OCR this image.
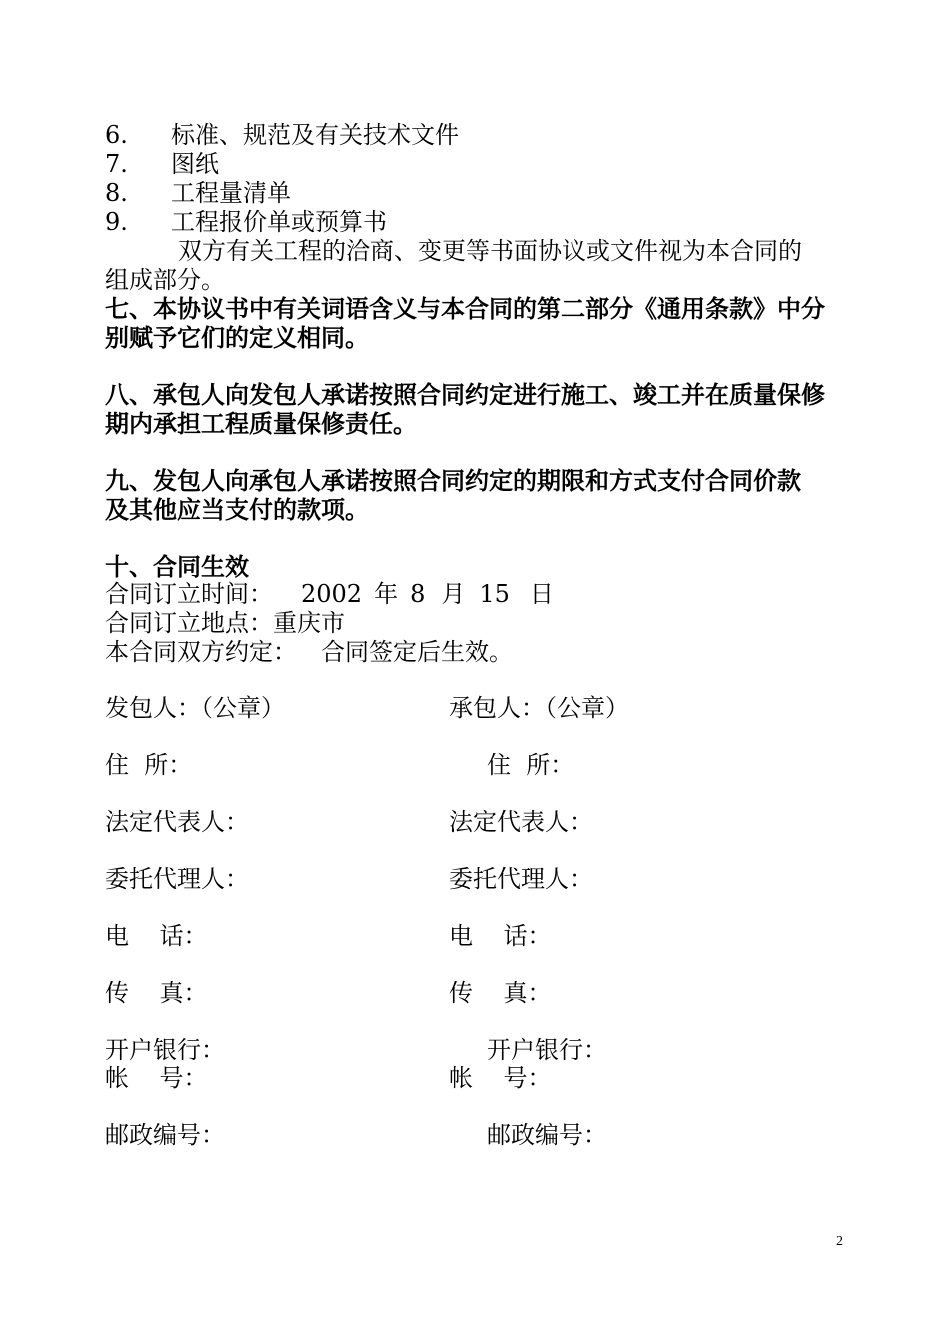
6. 标准、规范及有关技术文件
7. 图纸
8. 工程量清单
9. 工程报价单或预算书
双方有关工程的洽商、变更等书面协议或文件视为本合同的
组成部分。
七、本协议书中有关词语含义与本合同的第二部分《通用条款》中分
别赋予它们的定义相同。
八、承包人向发包人承诺按照合同约定进行施工、竣工并在质量保修
期内承担工程质量保修责任。
九、发包人向承包人承诺按照合同约定的期限和方式支付合同价款
及其他应当支付的款项。
十、合同生效
合同订立时间： 2002 年 8 月 15 日
合同订立地点：重庆市
本合同双方约定： 合同签定后生效。
发包人：（公章）
住  所：
法定代表人：
委托代理人：
电    话：
传    真：
开户银行：
帐    号：
邮政编号：
承包人：（公章）
住  所：
法定代表人：
委托代理人：
电    话：
传    真：
开户银行：
帐    号：
邮政编号：
2
